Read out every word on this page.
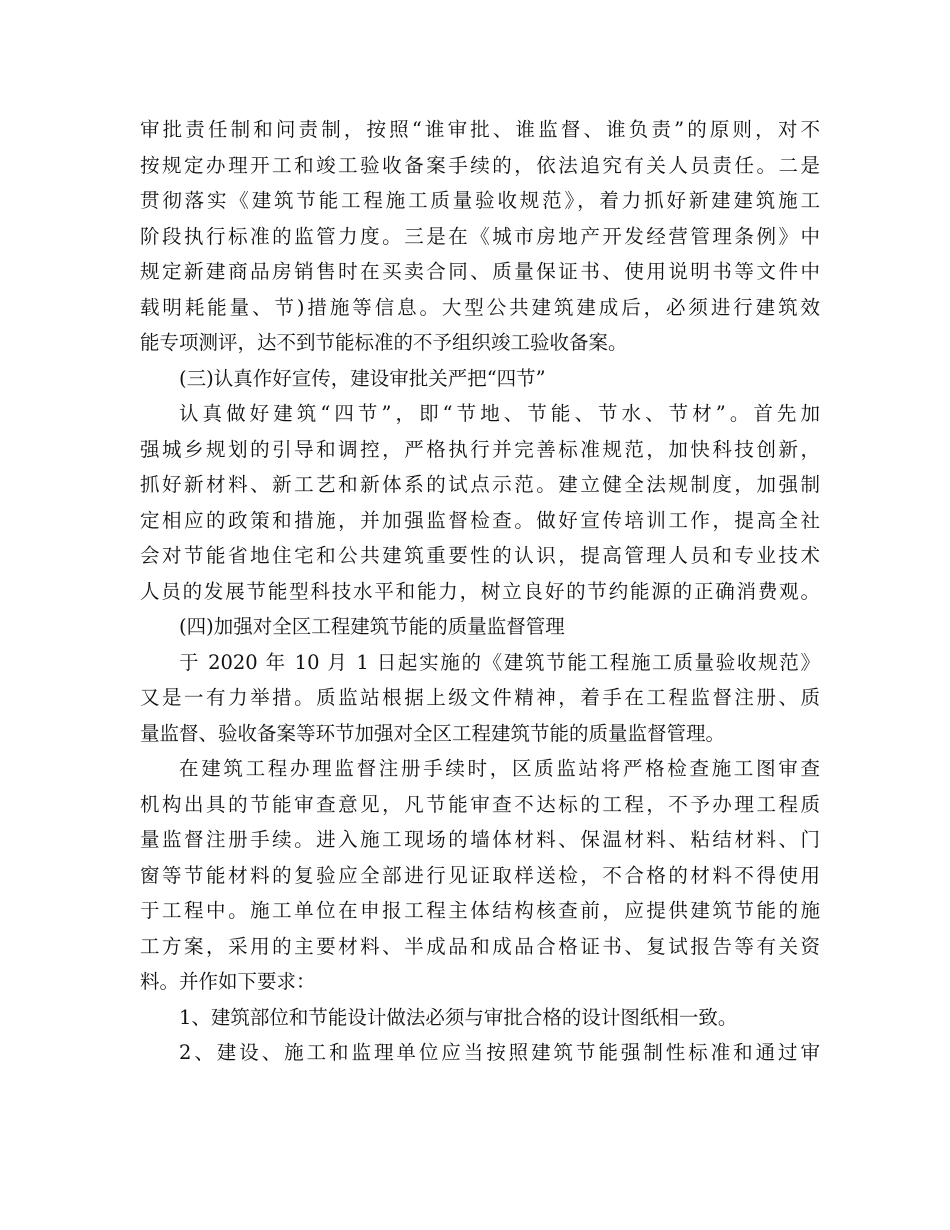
审批责任制和问责制，按照“谁审批、谁监督、谁负责”的原则，对不
按规定办理开工和竣工验收备案手续的，依法追究有关人员责任。二是
贯彻落实《建筑节能工程施工质量验收规范》，着力抓好新建建筑施工
阶段执行标准的监管力度。三是在《城市房地产开发经营管理条例》中
规定新建商品房销售时在买卖合同、质量保证书、使用说明书等文件中
载明耗能量、节)措施等信息。大型公共建筑建成后，必须进行建筑效
能专项测评，达不到节能标准的不予组织竣工验收备案。
(三)认真作好宣传，建设审批关严把“四节”
认真做好建筑“四节”，即“节地、节能、节水、节材”。首先加
强城乡规划的引导和调控，严格执行并完善标准规范，加快科技创新，
抓好新材料、新工艺和新体系的试点示范。建立健全法规制度，加强制
定相应的政策和措施，并加强监督检查。做好宣传培训工作，提高全社
会对节能省地住宅和公共建筑重要性的认识，提高管理人员和专业技术
人员的发展节能型科技水平和能力，树立良好的节约能源的正确消费观。
(四)加强对全区工程建筑节能的质量监督管理
于 2020 年 10 月 1 日起实施的《建筑节能工程施工质量验收规范》
又是一有力举措。质监站根据上级文件精神，着手在工程监督注册、质
量监督、验收备案等环节加强对全区工程建筑节能的质量监督管理。
在建筑工程办理监督注册手续时，区质监站将严格检查施工图审查
机构出具的节能审查意见，凡节能审查不达标的工程，不予办理工程质
量监督注册手续。进入施工现场的墙体材料、保温材料、粘结材料、门
窗等节能材料的复验应全部进行见证取样送检，不合格的材料不得使用
于工程中。施工单位在申报工程主体结构核查前，应提供建筑节能的施
工方案，采用的主要材料、半成品和成品合格证书、复试报告等有关资
料。并作如下要求：
1、建筑部位和节能设计做法必须与审批合格的设计图纸相一致。
2、建设、施工和监理单位应当按照建筑节能强制性标准和通过审
